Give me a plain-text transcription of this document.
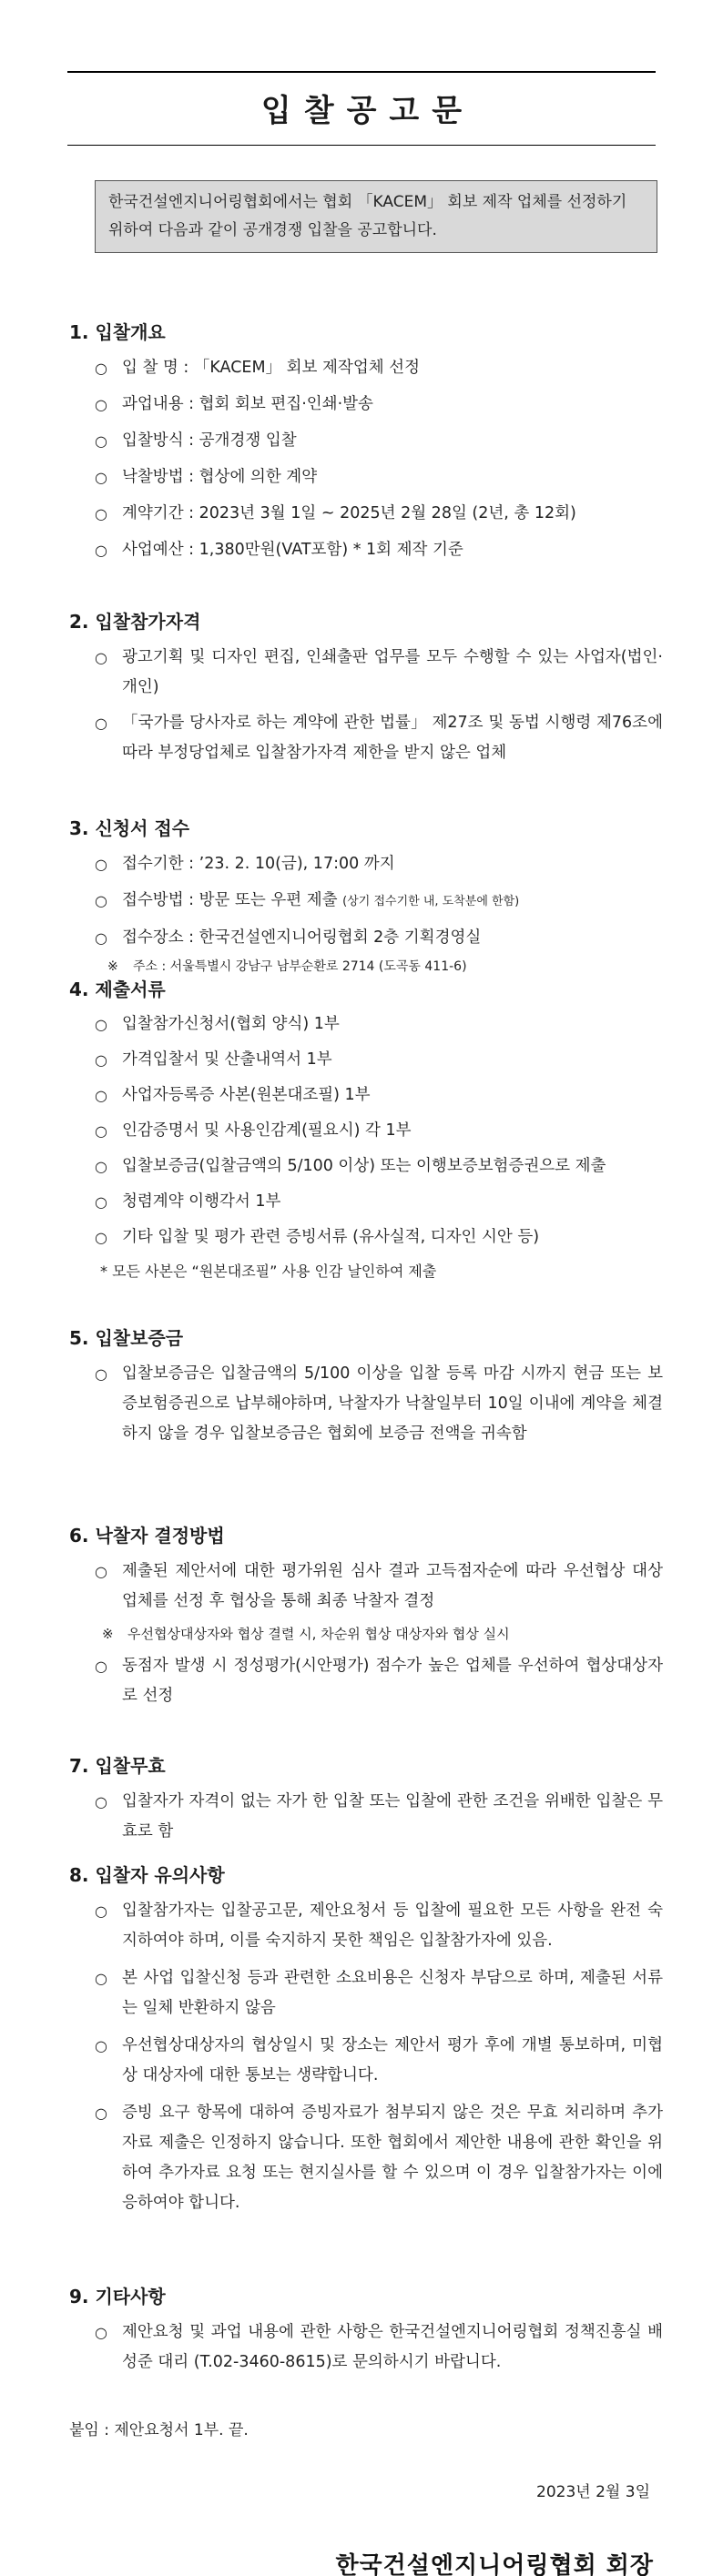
입찰공고문
한국건설엔지니어링협회에서는 협회 「KACEM」 회보 제작 업체를 선정하기 위하여 다음과 같이 공개경쟁 입찰을 공고합니다.
1. 입찰개요
○ 입 찰 명 : 「KACEM」 회보 제작업체 선정
○ 과업내용 : 협회 회보 편집·인쇄·발송
○ 입찰방식 : 공개경쟁 입찰
○ 낙찰방법 : 협상에 의한 계약
○ 계약기간 : 2023년 3월 1일 ~ 2025년 2월 28일 (2년, 총 12회)
○ 사업예산 : 1,380만원(VAT포함) * 1회 제작 기준
2. 입찰참가자격
○ 광고기획 및 디자인 편집, 인쇄출판 업무를 모두 수행할 수 있는 사업자(법인·개인)
○ 「국가를 당사자로 하는 계약에 관한 법률」 제27조 및 동법 시행령 제76조에 따라 부정당업체로 입찰참가자격 제한을 받지 않은 업체
3. 신청서 접수
○ 접수기한 : ’23. 2. 10(금), 17:00 까지
○ 접수방법 : 방문 또는 우편 제출 (상기 접수기한 내, 도착분에 한함)
○ 접수장소 : 한국건설엔지니어링협회 2층 기획경영실
※ 주소 : 서울특별시 강남구 남부순환로 2714 (도곡동 411-6)
4. 제출서류
○ 입찰참가신청서(협회 양식) 1부
○ 가격입찰서 및 산출내역서 1부
○ 사업자등록증 사본(원본대조필) 1부
○ 인감증명서 및 사용인감계(필요시) 각 1부
○ 입찰보증금(입찰금액의 5/100 이상) 또는 이행보증보험증권으로 제출
○ 청렴계약 이행각서 1부
○ 기타 입찰 및 평가 관련 증빙서류 (유사실적, 디자인 시안 등)
* 모든 사본은 “원본대조필” 사용 인감 날인하여 제출
5. 입찰보증금
○ 입찰보증금은 입찰금액의 5/100 이상을 입찰 등록 마감 시까지 현금 또는 보증보험증권으로 납부해야하며, 낙찰자가 낙찰일부터 10일 이내에 계약을 체결하지 않을 경우 입찰보증금은 협회에 보증금 전액을 귀속함
6. 낙찰자 결정방법
○ 제출된 제안서에 대한 평가위원 심사 결과 고득점자순에 따라 우선협상 대상 업체를 선정 후 협상을 통해 최종 낙찰자 결정
※ 우선협상대상자와 협상 결렬 시, 차순위 협상 대상자와 협상 실시
○ 동점자 발생 시 정성평가(시안평가) 점수가 높은 업체를 우선하여 협상대상자로 선정
7. 입찰무효
○ 입찰자가 자격이 없는 자가 한 입찰 또는 입찰에 관한 조건을 위배한 입찰은 무효로 함
8. 입찰자 유의사항
○ 입찰참가자는 입찰공고문, 제안요청서 등 입찰에 필요한 모든 사항을 완전 숙지하여야 하며, 이를 숙지하지 못한 책임은 입찰참가자에 있음.
○ 본 사업 입찰신청 등과 관련한 소요비용은 신청자 부담으로 하며, 제출된 서류는 일체 반환하지 않음
○ 우선협상대상자의 협상일시 및 장소는 제안서 평가 후에 개별 통보하며, 미협상 대상자에 대한 통보는 생략합니다.
○ 증빙 요구 항목에 대하여 증빙자료가 첨부되지 않은 것은 무효 처리하며 추가자료 제출은 인정하지 않습니다. 또한 협회에서 제안한 내용에 관한 확인을 위하여 추가자료 요청 또는 현지실사를 할 수 있으며 이 경우 입찰참가자는 이에 응하여야 합니다.
9. 기타사항
○ 제안요청 및 과업 내용에 관한 사항은 한국건설엔지니어링협회 정책진흥실 배성준 대리 (T.02-3460-8615)로 문의하시기 바랍니다.
붙임 : 제안요청서 1부. 끝.
2023년 2월 3일
한국건설엔지니어링협회 회장
